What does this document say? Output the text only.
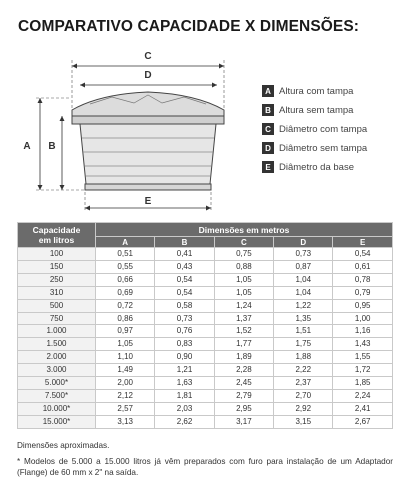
COMPARATIVO CAPACIDADE X DIMENSÕES:
C
D
A B
E
A Altura com tampa
B Altura sem tampa
C Diâmetro com tampa
D Diâmetro sem tampa
E Diâmetro da base
Capacidade
em litros	Dimensões em metros				
	A	B	C	D	E
100	0,51	0,41	0,75	0,73	0,54
150	0,55	0,43	0,88	0,87	0,61
250	0,66	0,54	1,05	1,04	0,78
310	0,69	0,54	1,05	1,04	0,79
500	0,72	0,58	1,24	1,22	0,95
750	0,86	0,73	1,37	1,35	1,00
1.000	0,97	0,76	1,52	1,51	1,16
1.500	1,05	0,83	1,77	1,75	1,43
2.000	1,10	0,90	1,89	1,88	1,55
3.000	1,49	1,21	2,28	2,22	1,72
5.000*	2,00	1,63	2,45	2,37	1,85
7.500*	2,12	1,81	2,79	2,70	2,24
10.000*	2,57	2,03	2,95	2,92	2,41
15.000*	3,13	2,62	3,17	3,15	2,67
Dimensões aproximadas.
* Modelos de 5.000 a 15.000 litros já vêm preparados com furo para instalação de um Adaptador (Flange) de 60 mm x 2" na saída.
